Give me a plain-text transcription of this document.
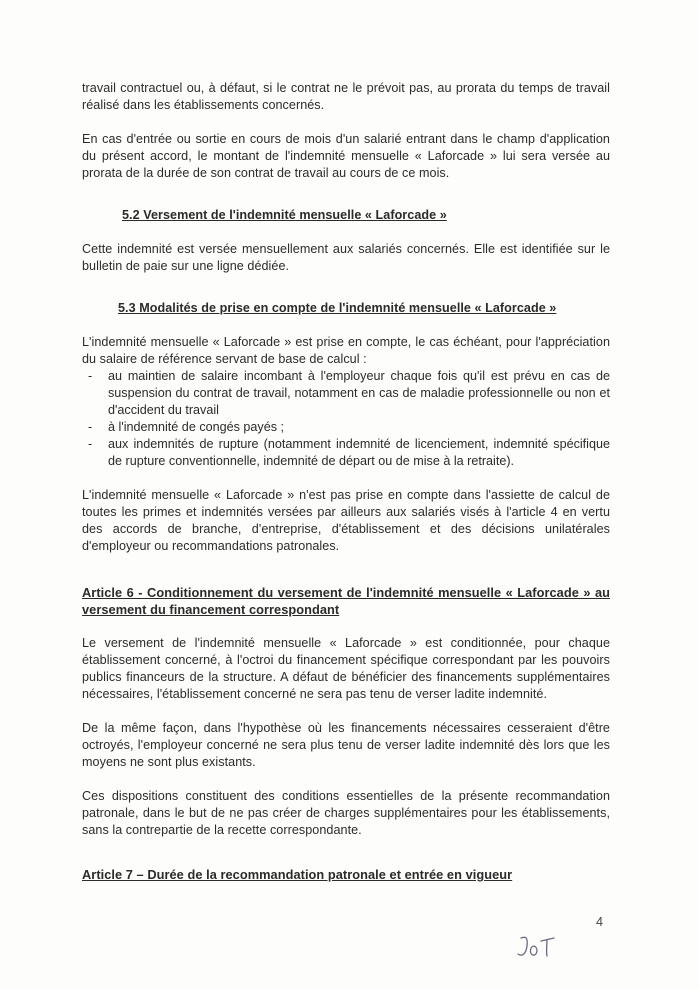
travail contractuel ou, à défaut, si le contrat ne le prévoit pas, au prorata du temps de travail réalisé dans les établissements concernés.

En cas d'entrée ou sortie en cours de mois d'un salarié entrant dans le champ d'application du présent accord, le montant de l'indemnité mensuelle « Laforcade » lui sera versée au prorata de la durée de son contrat de travail au cours de ce mois.

5.2 Versement de l'indemnité mensuelle « Laforcade »

Cette indemnité est versée mensuellement aux salariés concernés. Elle est identifiée sur le bulletin de paie sur une ligne dédiée.

5.3 Modalités de prise en compte de l'indemnité mensuelle « Laforcade »

L'indemnité mensuelle « Laforcade » est prise en compte, le cas échéant, pour l'appréciation du salaire de référence servant de base de calcul :

- au maintien de salaire incombant à l'employeur chaque fois qu'il est prévu en cas de suspension du contrat de travail, notamment en cas de maladie professionnelle ou non et d'accident du travail
- à l'indemnité de congés payés ;
- aux indemnités de rupture (notamment indemnité de licenciement, indemnité spécifique de rupture conventionnelle, indemnité de départ ou de mise à la retraite).

L'indemnité mensuelle « Laforcade » n'est pas prise en compte dans l'assiette de calcul de toutes les primes et indemnités versées par ailleurs aux salariés visés à l'article 4 en vertu des accords de branche, d'entreprise, d'établissement et des décisions unilatérales d'employeur ou recommandations patronales.

Article 6 - Conditionnement du versement de l'indemnité mensuelle « Laforcade » au versement du financement correspondant

Le versement de l'indemnité mensuelle « Laforcade » est conditionnée, pour chaque établissement concerné, à l'octroi du financement spécifique correspondant par les pouvoirs publics financeurs de la structure. A défaut de bénéficier des financements supplémentaires nécessaires, l'établissement concerné ne sera pas tenu de verser ladite indemnité.

De la même façon, dans l'hypothèse où les financements nécessaires cesseraient d'être octroyés, l'employeur concerné ne sera plus tenu de verser ladite indemnité dès lors que les moyens ne sont plus existants.

Ces dispositions constituent des conditions essentielles de la présente recommandation patronale, dans le but de ne pas créer de charges supplémentaires pour les établissements, sans la contrepartie de la recette correspondante.

Article 7 – Durée de la recommandation patronale et entrée en vigueur

4
